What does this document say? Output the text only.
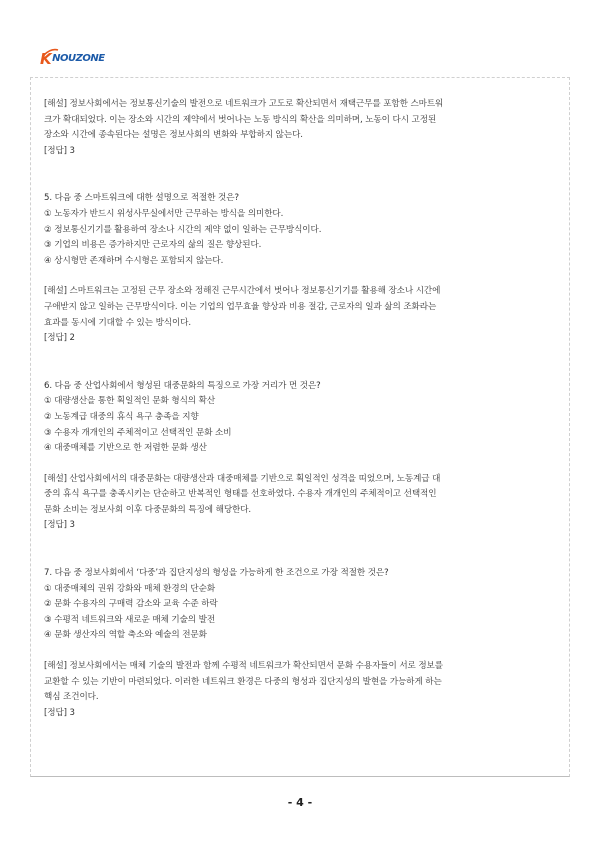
K NOUZONE

[해설] 정보사회에서는 정보통신기술의 발전으로 네트워크가 고도로 확산되면서 재택근무를 포함한 스마트워

크가 확대되었다. 이는 장소와 시간의 제약에서 벗어나는 노동 방식의 확산을 의미하며, 노동이 다시 고정된

장소와 시간에 종속된다는 설명은 정보사회의 변화와 부합하지 않는다.

[정답] 3

5. 다음 중 스마트워크에 대한 설명으로 적절한 것은?

① 노동자가 반드시 위성사무실에서만 근무하는 방식을 의미한다.

② 정보통신기기를 활용하여 장소나 시간의 제약 없이 일하는 근무방식이다.

③ 기업의 비용은 증가하지만 근로자의 삶의 질은 향상된다.

④ 상시형만 존재하며 수시형은 포함되지 않는다.

[해설] 스마트워크는 고정된 근무 장소와 정해진 근무시간에서 벗어나 정보통신기기를 활용해 장소나 시간에

구애받지 않고 일하는 근무방식이다. 이는 기업의 업무효율 향상과 비용 절감, 근로자의 일과 삶의 조화라는

효과를 동시에 기대할 수 있는 방식이다.

[정답] 2

6. 다음 중 산업사회에서 형성된 대중문화의 특징으로 가장 거리가 먼 것은?

① 대량생산을 통한 획일적인 문화 형식의 확산

② 노동계급 대중의 휴식 욕구 충족을 지향

③ 수용자 개개인의 주체적이고 선택적인 문화 소비

④ 대중매체를 기반으로 한 저렴한 문화 생산

[해설] 산업사회에서의 대중문화는 대량생산과 대중매체를 기반으로 획일적인 성격을 띠었으며, 노동계급 대

중의 휴식 욕구를 충족시키는 단순하고 반복적인 형태를 선호하였다. 수용자 개개인의 주체적이고 선택적인

문화 소비는 정보사회 이후 다중문화의 특징에 해당한다.

[정답] 3

7. 다음 중 정보사회에서 ‘다중’과 집단지성의 형성을 가능하게 한 조건으로 가장 적절한 것은?

① 대중매체의 권위 강화와 매체 환경의 단순화

② 문화 수용자의 구매력 감소와 교육 수준 하락

③ 수평적 네트워크와 새로운 매체 기술의 발전

④ 문화 생산자의 역할 축소와 예술의 전문화

[해설] 정보사회에서는 매체 기술의 발전과 함께 수평적 네트워크가 확산되면서 문화 수용자들이 서로 정보를

교환할 수 있는 기반이 마련되었다. 이러한 네트워크 환경은 다중의 형성과 집단지성의 발현을 가능하게 하는

핵심 조건이다.

[정답] 3

- 4 -
